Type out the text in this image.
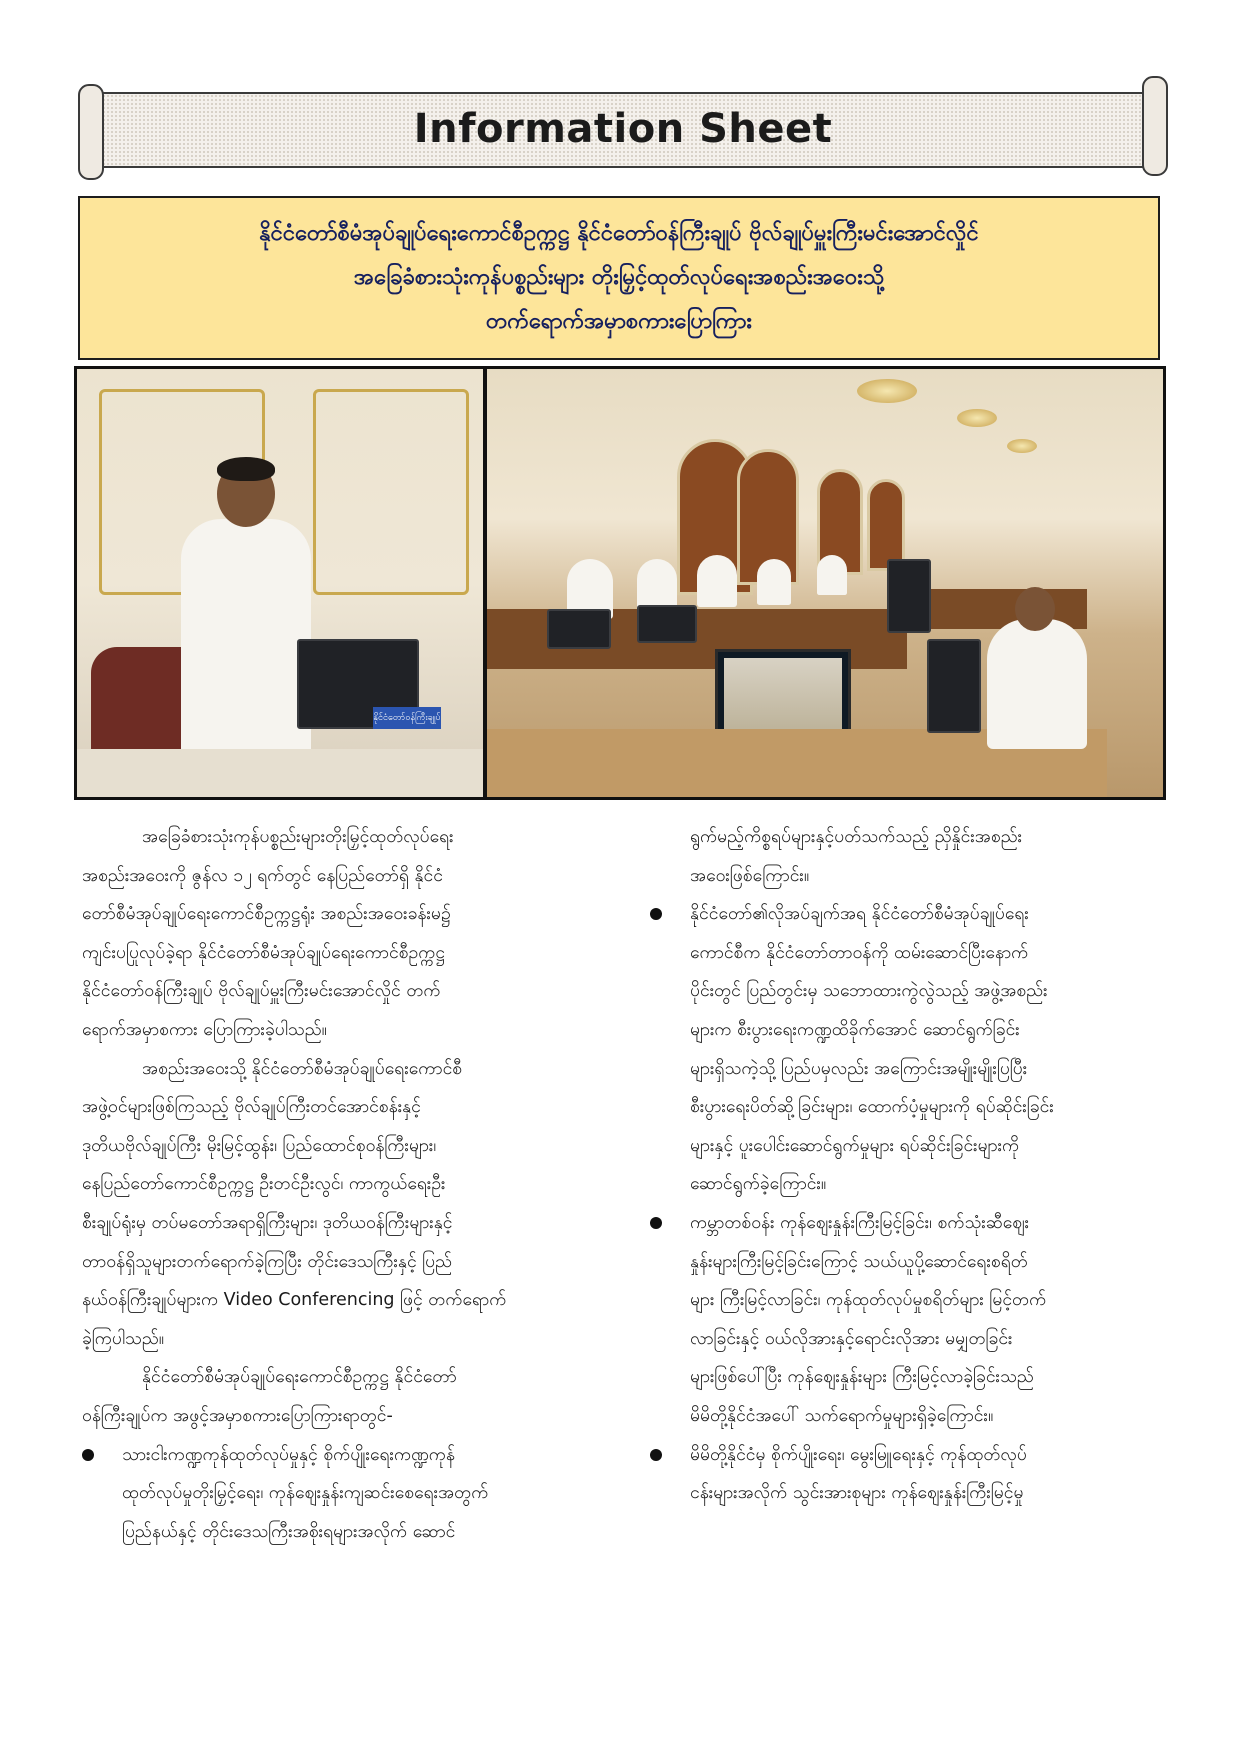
Information Sheet
နိုင်ငံတော်စီမံအုပ်ချုပ်ရေးကောင်စီဥက္ကဋ္ဌ နိုင်ငံတော်ဝန်ကြီးချုပ် ဗိုလ်ချုပ်မှူးကြီးမင်းအောင်လှိုင်
အခြေခံစားသုံးကုန်ပစ္စည်းများ တိုးမြှင့်ထုတ်လုပ်ရေးအစည်းအဝေးသို့
တက်ရောက်အမှာစကားပြောကြား
နိုင်ငံတော်ဝန်ကြီးချုပ်
အခြေခံစားသုံးကုန်ပစ္စည်းများတိုးမြှင့်ထုတ်လုပ်ရေး
အစည်းအဝေးကို ဇွန်လ ၁၂ ရက်တွင် နေပြည်တော်ရှိ နိုင်ငံ
တော်စီမံအုပ်ချုပ်ရေးကောင်စီဥက္ကဋ္ဌရုံး အစည်းအဝေးခန်းမ၌
ကျင်းပပြုလုပ်ခဲ့ရာ နိုင်ငံတော်စီမံအုပ်ချုပ်ရေးကောင်စီဥက္ကဋ္ဌ
နိုင်ငံတော်ဝန်ကြီးချုပ် ဗိုလ်ချုပ်မှူးကြီးမင်းအောင်လှိုင် တက်
ရောက်အမှာစကား ပြောကြားခဲ့ပါသည်။
အစည်းအဝေးသို့ နိုင်ငံတော်စီမံအုပ်ချုပ်ရေးကောင်စီ
အဖွဲ့ဝင်များဖြစ်ကြသည့် ဗိုလ်ချုပ်ကြီးတင်အောင်စန်းနှင့်
ဒုတိယဗိုလ်ချုပ်ကြီး မိုးမြင့်ထွန်း၊ ပြည်ထောင်စုဝန်ကြီးများ၊
နေပြည်တော်ကောင်စီဥက္ကဋ္ဌ ဦးတင်ဦးလွင်၊ ကာကွယ်ရေးဦး
စီးချုပ်ရုံးမှ တပ်မတော်အရာရှိကြီးများ၊ ဒုတိယဝန်ကြီးများနှင့်
တာဝန်ရှိသူများတက်ရောက်ခဲ့ကြပြီး တိုင်းဒေသကြီးနှင့် ပြည်
နယ်ဝန်ကြီးချုပ်များက Video Conferencing ဖြင့် တက်ရောက်
ခဲ့ကြပါသည်။
နိုင်ငံတော်စီမံအုပ်ချုပ်ရေးကောင်စီဥက္ကဋ္ဌ နိုင်ငံတော်
ဝန်ကြီးချုပ်က အဖွင့်အမှာစကားပြောကြားရာတွင်-
သားငါးကဏ္ဍကုန်ထုတ်လုပ်မှုနှင့် စိုက်ပျိုးရေးကဏ္ဍကုန်
ထုတ်လုပ်မှုတိုးမြှင့်ရေး၊ ကုန်ဈေးနှုန်းကျဆင်းစေရေးအတွက်
ပြည်နယ်နှင့် တိုင်းဒေသကြီးအစိုးရများအလိုက် ဆောင်
ရွက်မည့်ကိစ္စရပ်များနှင့်ပတ်သက်သည့် ညှိနှိုင်းအစည်း
အဝေးဖြစ်ကြောင်း။
နိုင်ငံတော်၏လိုအပ်ချက်အရ နိုင်ငံတော်စီမံအုပ်ချုပ်ရေး
ကောင်စီက နိုင်ငံတော်တာဝန်ကို ထမ်းဆောင်ပြီးနောက်
ပိုင်းတွင် ပြည်တွင်းမှ သဘောထားကွဲလွဲသည့် အဖွဲ့အစည်း
များက စီးပွားရေးကဏ္ဍထိခိုက်အောင် ဆောင်ရွက်ခြင်း
များရှိသကဲ့သို့ ပြည်ပမှလည်း အကြောင်းအမျိုးမျိုးပြပြီး
စီးပွားရေးပိတ်ဆို့ခြင်းများ၊ ထောက်ပံ့မှုများကို ရပ်ဆိုင်းခြင်း
များနှင့် ပူးပေါင်းဆောင်ရွက်မှုများ ရပ်ဆိုင်းခြင်းများကို
ဆောင်ရွက်ခဲ့ကြောင်း။
ကမ္ဘာတစ်ဝန်း ကုန်ဈေးနှုန်းကြီးမြင့်ခြင်း၊ စက်သုံးဆီဈေး
နှုန်းများကြီးမြင့်ခြင်းကြောင့် သယ်ယူပို့ဆောင်ရေးစရိတ်
များ ကြီးမြင့်လာခြင်း၊ ကုန်ထုတ်လုပ်မှုစရိတ်များ မြင့်တက်
လာခြင်းနှင့် ဝယ်လိုအားနှင့်ရောင်းလိုအား မမျှတခြင်း
များဖြစ်ပေါ်ပြီး ကုန်ဈေးနှုန်းများ ကြီးမြင့်လာခဲ့ခြင်းသည်
မိမိတို့နိုင်ငံအပေါ် သက်ရောက်မှုများရှိခဲ့ကြောင်း။
မိမိတို့နိုင်ငံမှ စိုက်ပျိုးရေး၊ မွေးမြူရေးနှင့် ကုန်ထုတ်လုပ်
ငန်းများအလိုက် သွင်းအားစုများ ကုန်ဈေးနှုန်းကြီးမြင့်မှု
